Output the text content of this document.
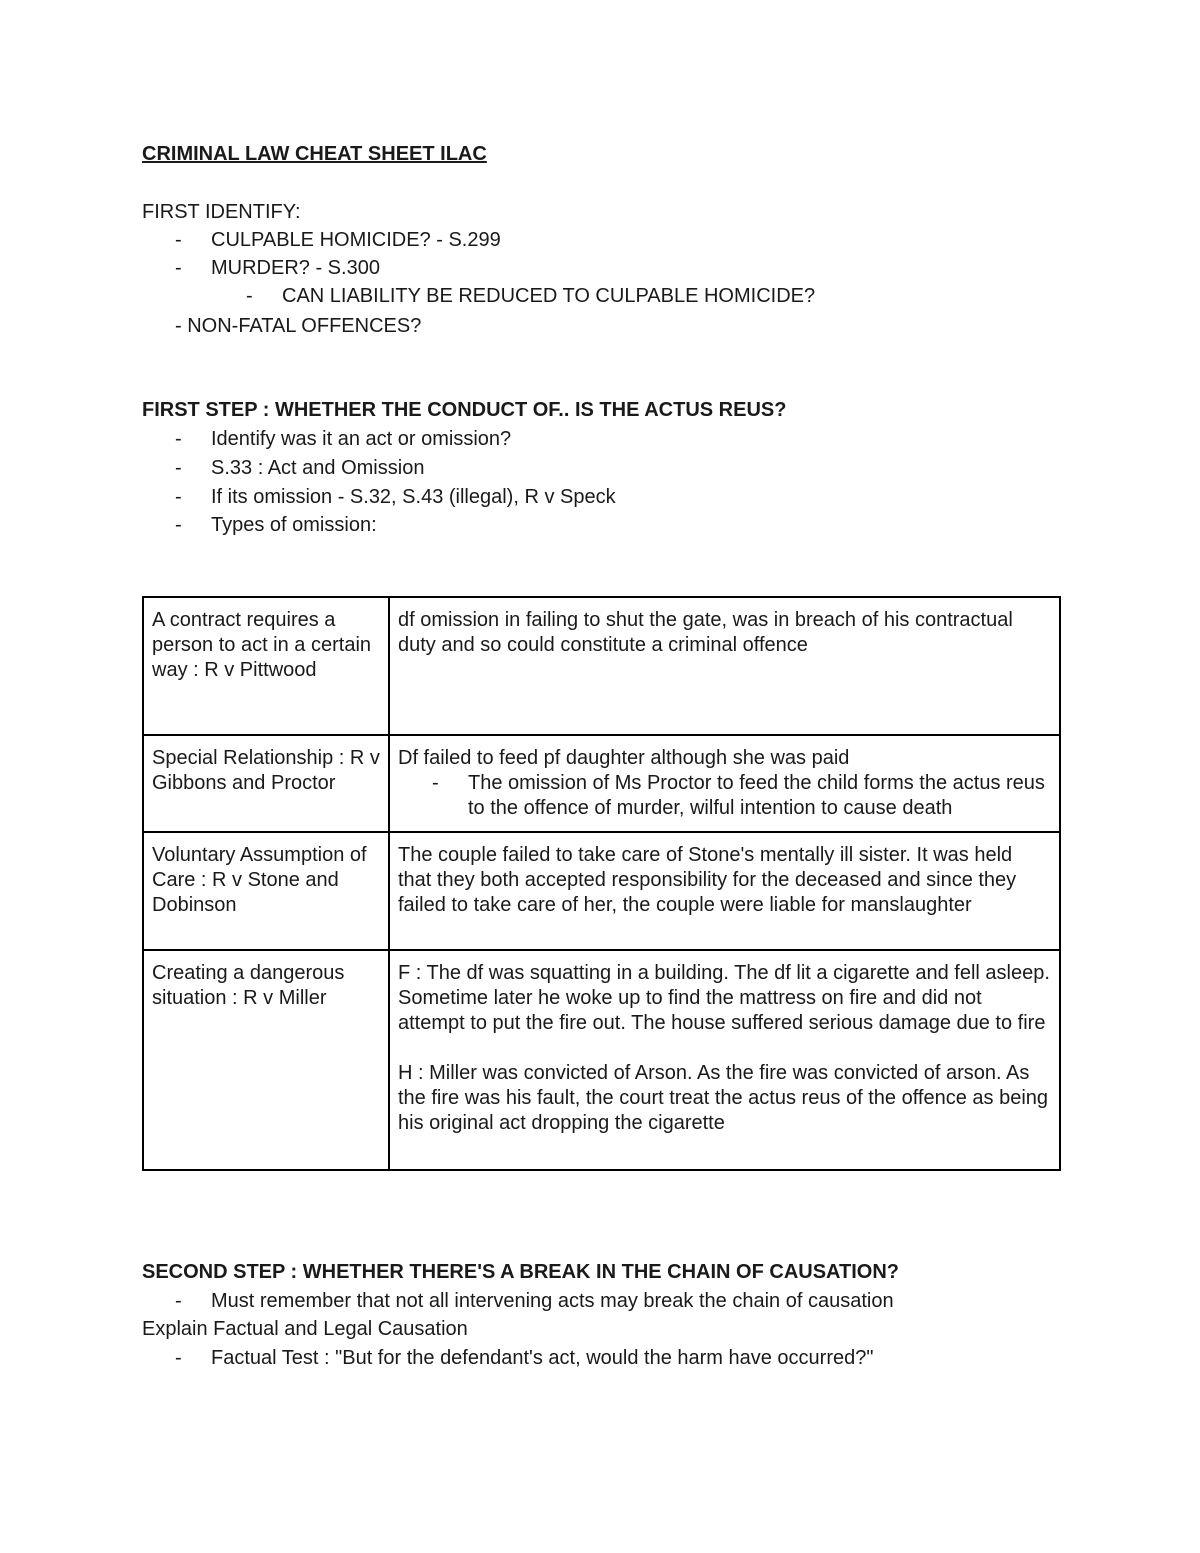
CRIMINAL LAW CHEAT SHEET ILAC
FIRST IDENTIFY:
- CULPABLE HOMICIDE? - S.299
- MURDER? - S.300
- CAN LIABILITY BE REDUCED TO CULPABLE HOMICIDE?
- NON-FATAL OFFENCES?
FIRST STEP : WHETHER THE CONDUCT OF.. IS THE ACTUS REUS?
- Identify was it an act or omission?
- S.33 : Act and Omission
- If its omission - S.32, S.43 (illegal), R v Speck
- Types of omission:
A contract requires a person to act in a certain way : R v Pittwood	df omission in failing to shut the gate, was in breach of his contractual duty and so could constitute a criminal offence
Special Relationship : R v Gibbons and Proctor	Df failed to feed pf daughter although she was paid
- The omission of Ms Proctor to feed the child forms the actus reus to the offence of murder, wilful intention to cause death

Voluntary Assumption of Care : R v Stone and Dobinson	The couple failed to take care of Stone's mentally ill sister. It was held that they both accepted responsibility for the deceased and since they failed to take care of her, the couple were liable for manslaughter
Creating a dangerous situation : R v Miller	F : The df was squatting in a building. The df lit a cigarette and fell asleep. Sometime later he woke up to find the mattress on fire and did not attempt to put the fire out. The house suffered serious damage due to fire
H : Miller was convicted of Arson. As the fire was convicted of arson. As the fire was his fault, the court treat the actus reus of the offence as being his original act dropping the cigarette
SECOND STEP : WHETHER THERE'S A BREAK IN THE CHAIN OF CAUSATION?
- Must remember that not all intervening acts may break the chain of causation
Explain Factual and Legal Causation
- Factual Test : "But for the defendant's act, would the harm have occurred?"
